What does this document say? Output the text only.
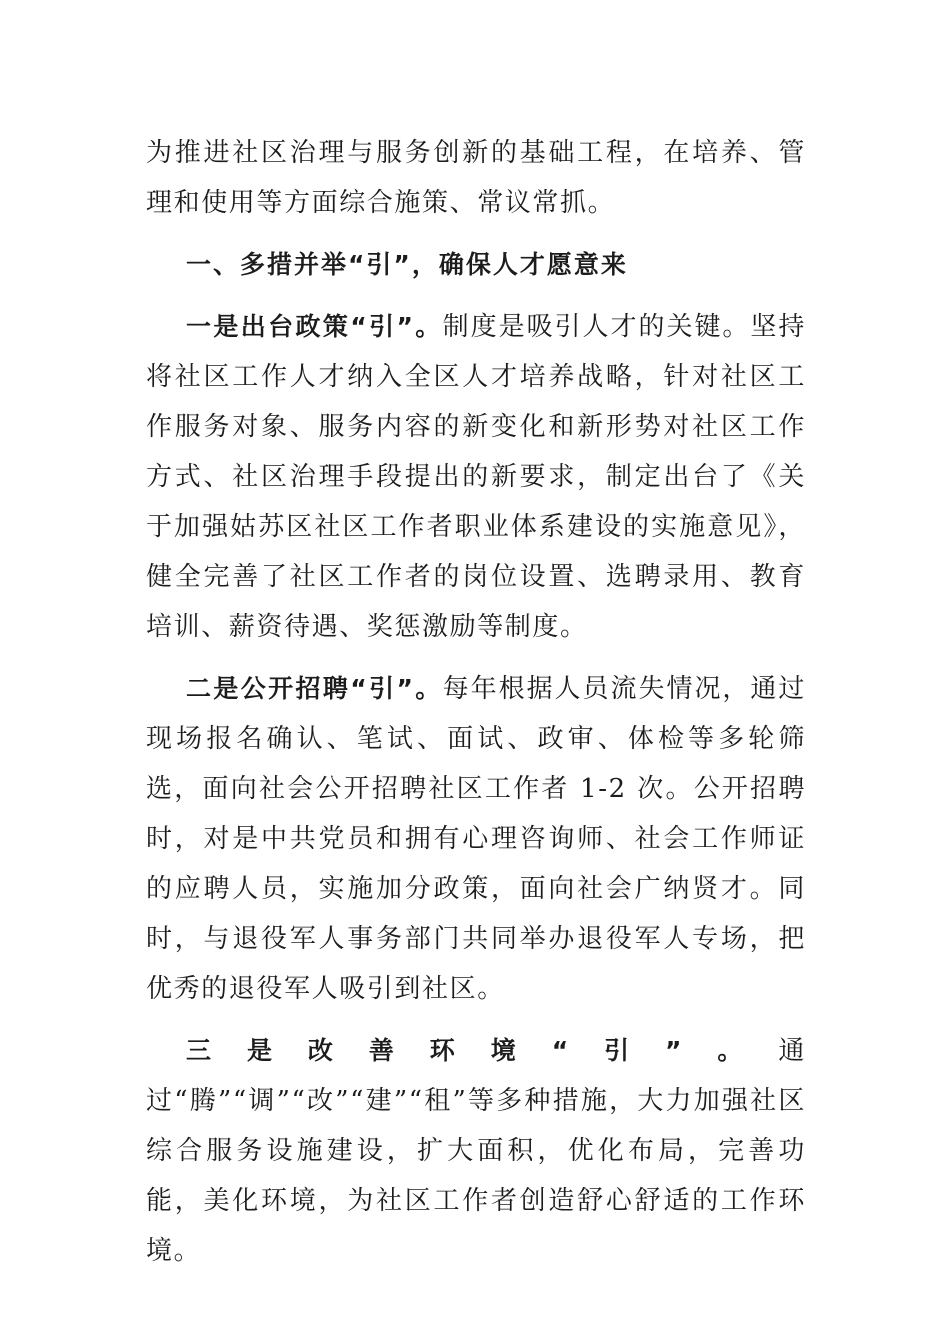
为推进社区治理与服务创新的基础工程，在培养、管理和使用等方面综合施策、常议常抓。

一、多措并举“引”，确保人才愿意来

一是出台政策“引”。制度是吸引人才的关键。坚持将社区工作人才纳入全区人才培养战略，针对社区工作服务对象、服务内容的新变化和新形势对社区工作方式、社区治理手段提出的新要求，制定出台了《关于加强姑苏区社区工作者职业体系建设的实施意见》，健全完善了社区工作者的岗位设置、选聘录用、教育培训、薪资待遇、奖惩激励等制度。

二是公开招聘“引”。每年根据人员流失情况，通过现场报名确认、笔试、面试、政审、体检等多轮筛选，面向社会公开招聘社区工作者 1-2 次。公开招聘时，对是中共党员和拥有心理咨询师、社会工作师证的应聘人员，实施加分政策，面向社会广纳贤才。同时，与退役军人事务部门共同举办退役军人专场，把优秀的退役军人吸引到社区。

三是改善环境“引”。通过“腾”“调”“改”“建”“租”等多种措施，大力加强社区综合服务设施建设，扩大面积，优化布局，完善功能，美化环境，为社区工作者创造舒心舒适的工作环境。
